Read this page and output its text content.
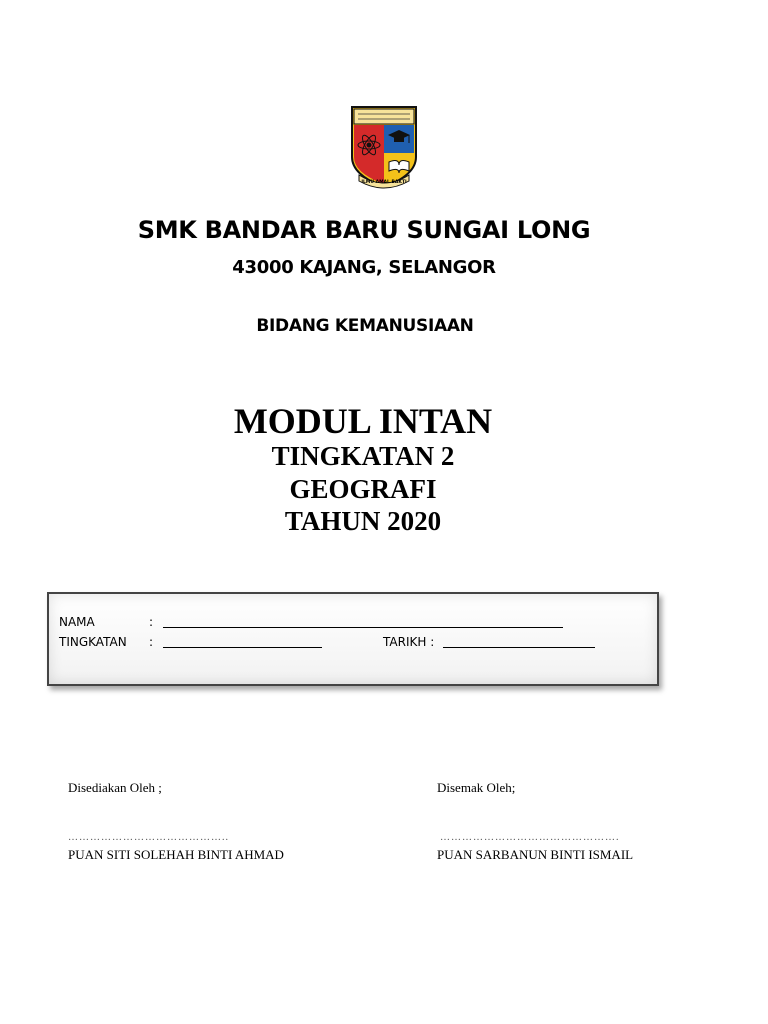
ILMU AMAL BAKTI
SMK BANDAR BARU SUNGAI LONG
43000 KAJANG, SELANGOR
BIDANG KEMANUSIAAN
MODUL INTAN
TINGKATAN 2
GEOGRAFI
TAHUN 2020
NAMA	:
TINGKATAN :	TARIKH :
Disediakan Oleh ;	Disemak Oleh;
……………………………………..	………………………………………….
PUAN SITI SOLEHAH BINTI AHMAD	PUAN SARBANUN BINTI ISMAIL
